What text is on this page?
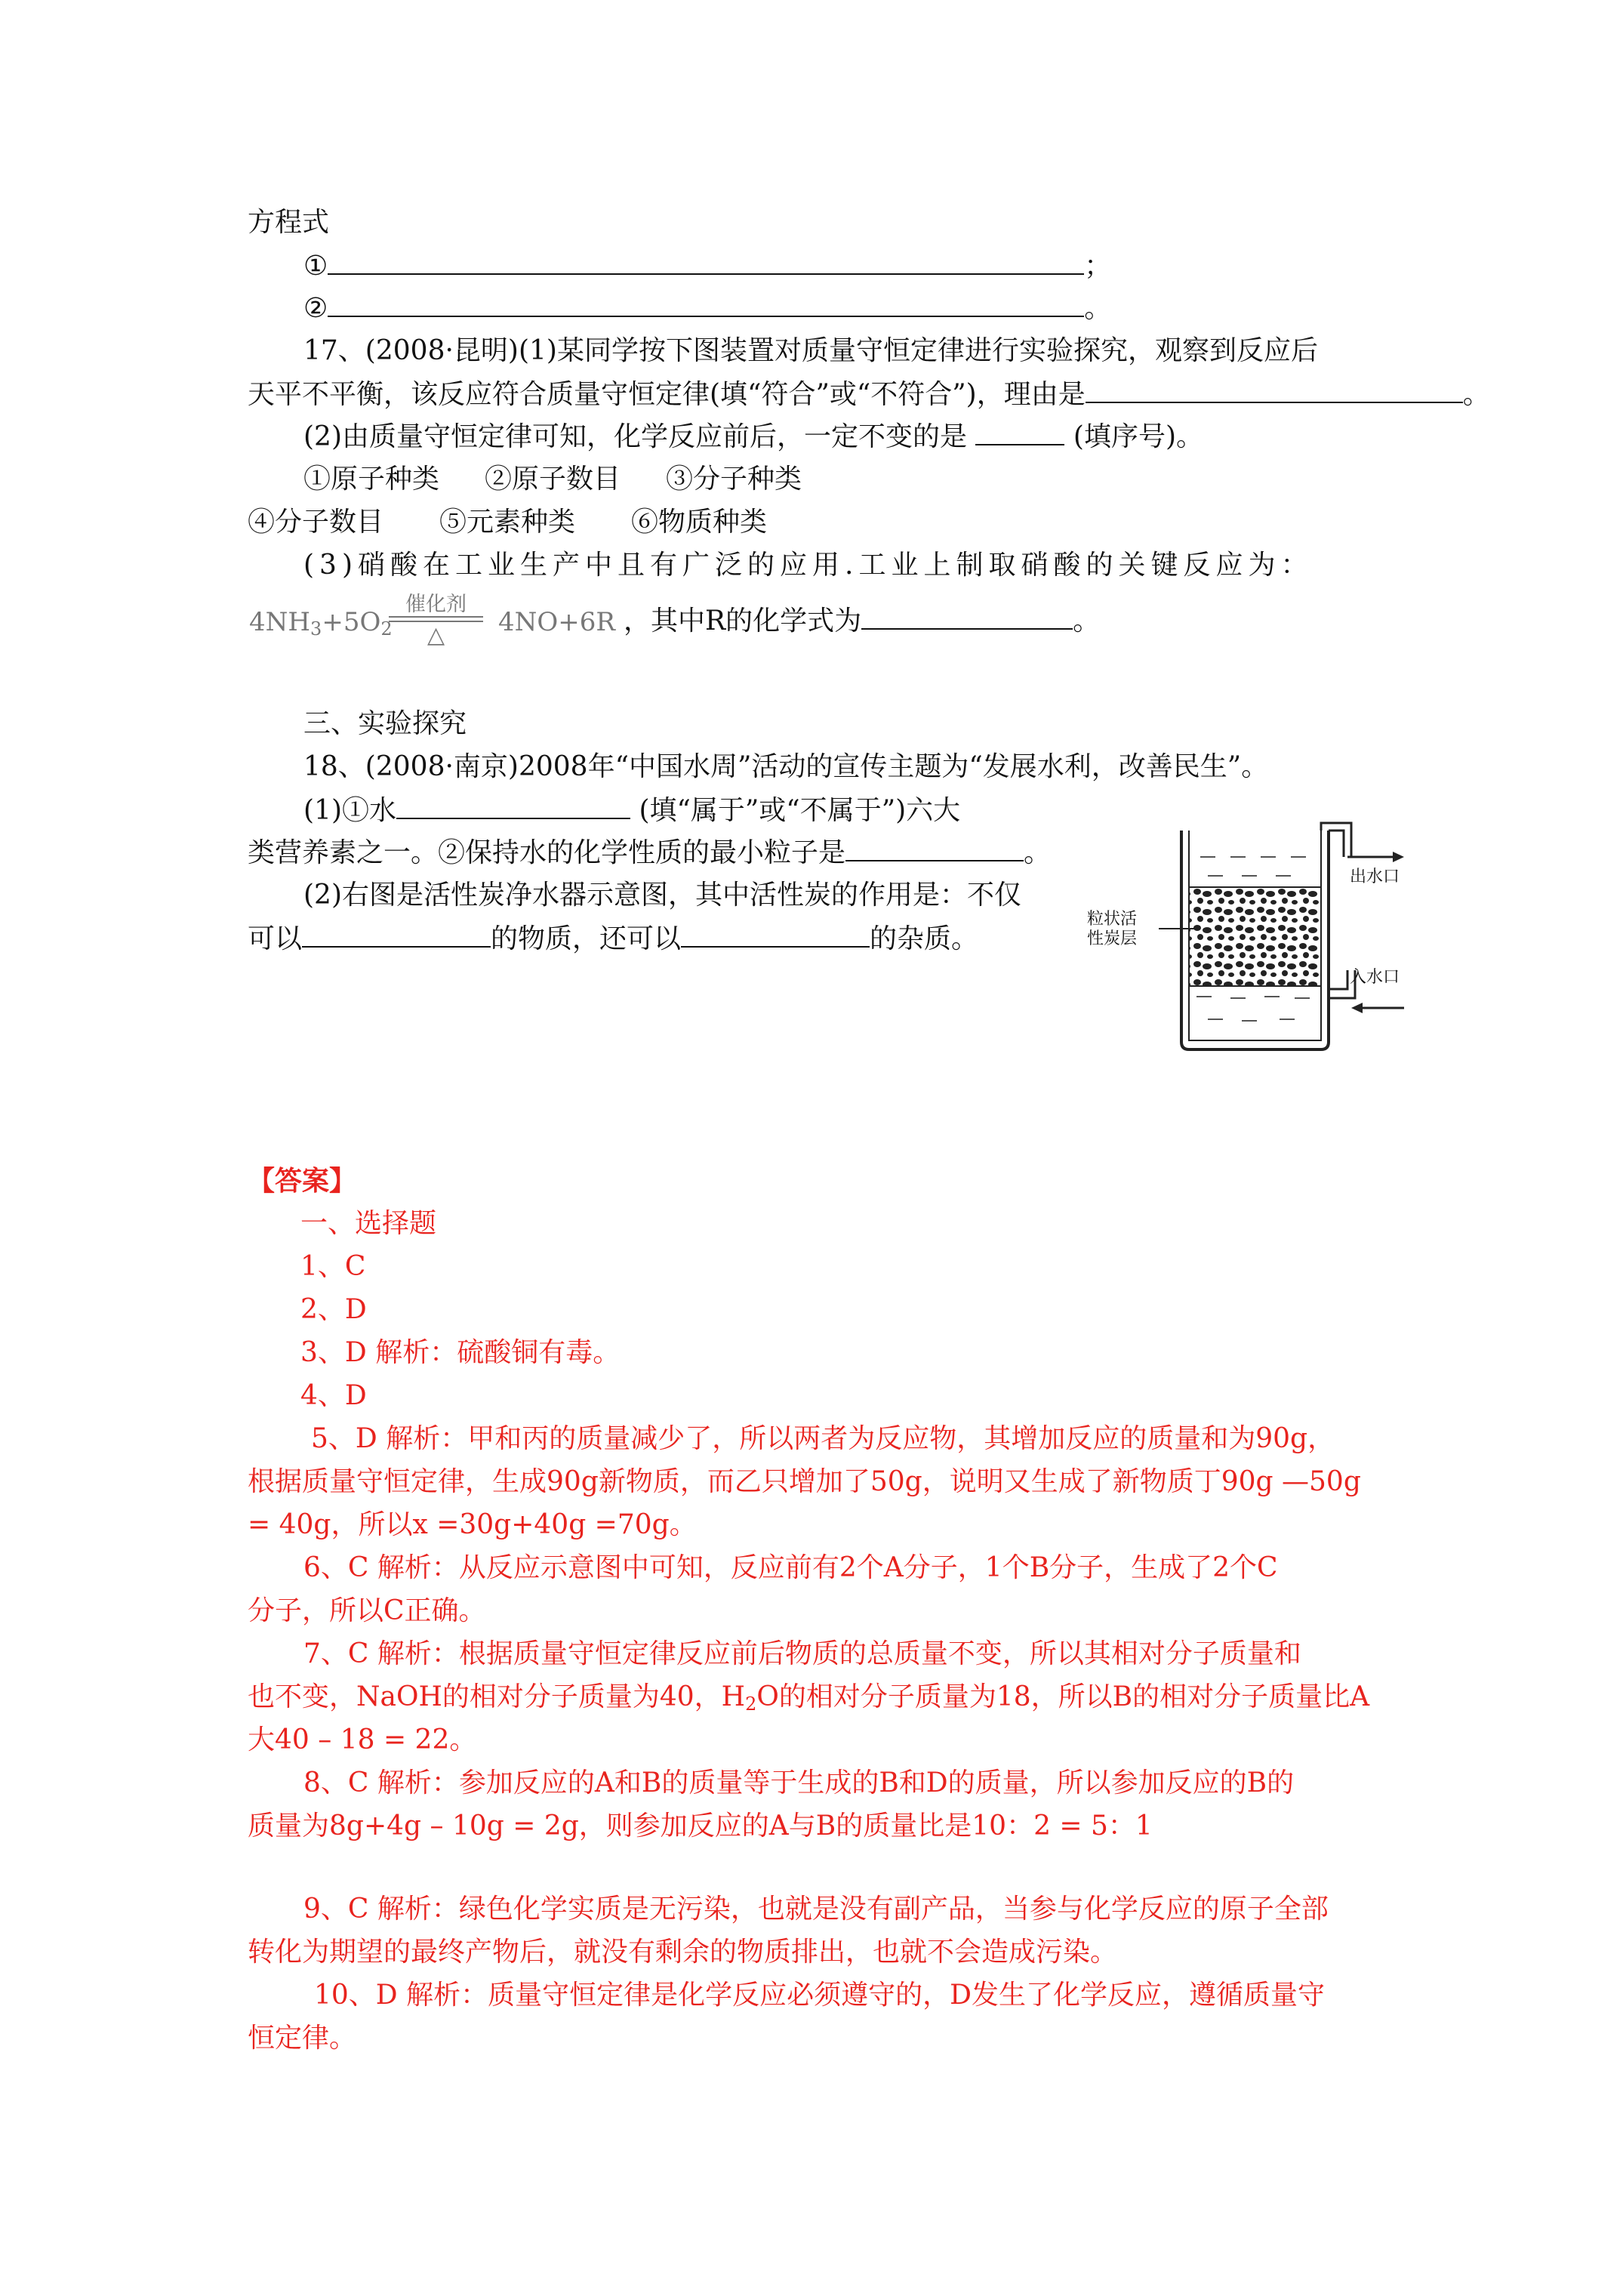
方程式
①	；
②	。
17、(2008·昆明)(1)某同学按下图装置对质量守恒定律进行实验探究，观察到反应后
天平不平衡，该反应符合质量守恒定律(填“符合”或“不符合”)，理由是	。
(2)由质量守恒定律可知，化学反应前后，一定不变的是	(填序号)。
①原子种类 ②原子数目 ③分子种类
④分子数目 ⑤元素种类 ⑥物质种类
(3)硝酸在工业生产中且有广泛的应用.工业上制取硝酸的关键反应为：
$4NH_3+5O_2$
催化剂
△	4NO+6R ，其中R的化学式为	。
三、实验探究
18、(2008·南京)2008年“中国水周”活动的宣传主题为“发展水利，改善民生”。
(1)①水	(填“属于”或“不属于”)六大
类营养素之一。②保持水的化学性质的最小粒子是	。
(2)右图是活性炭净水器示意图，其中活性炭的作用是：不仅
可以	的物质，还可以	的杂质。
出水口
入水口
粒状活
性炭层
【答案】
一、选择题
1、C
2、D
3、D 解析：硫酸铜有毒。
4、D
5、D 解析：甲和丙的质量减少了，所以两者为反应物，其增加反应的质量和为90g，
根据质量守恒定律，生成90g新物质，而乙只增加了50g，说明又生成了新物质丁90g —50g
= 40g，所以x =30g+40g =70g。
6、C 解析：从反应示意图中可知，反应前有2个A分子，1个B分子，生成了2个C
分子，所以C正确。
7、C 解析：根据质量守恒定律反应前后物质的总质量不变，所以其相对分子质量和
也不变，NaOH的相对分子质量为40，$H_2O$的相对分子质量为18，所以B的相对分子质量比A
大40 – 18 = 22。
8、C 解析：参加反应的A和B的质量等于生成的B和D的质量，所以参加反应的B的
质量为8g+4g – 10g = 2g，则参加反应的A与B的质量比是10：2 = 5：1
9、C 解析：绿色化学实质是无污染，也就是没有副产品，当参与化学反应的原子全部
转化为期望的最终产物后，就没有剩余的物质排出，也就不会造成污染。
10、D 解析：质量守恒定律是化学反应必须遵守的，D发生了化学反应，遵循质量守
恒定律。
